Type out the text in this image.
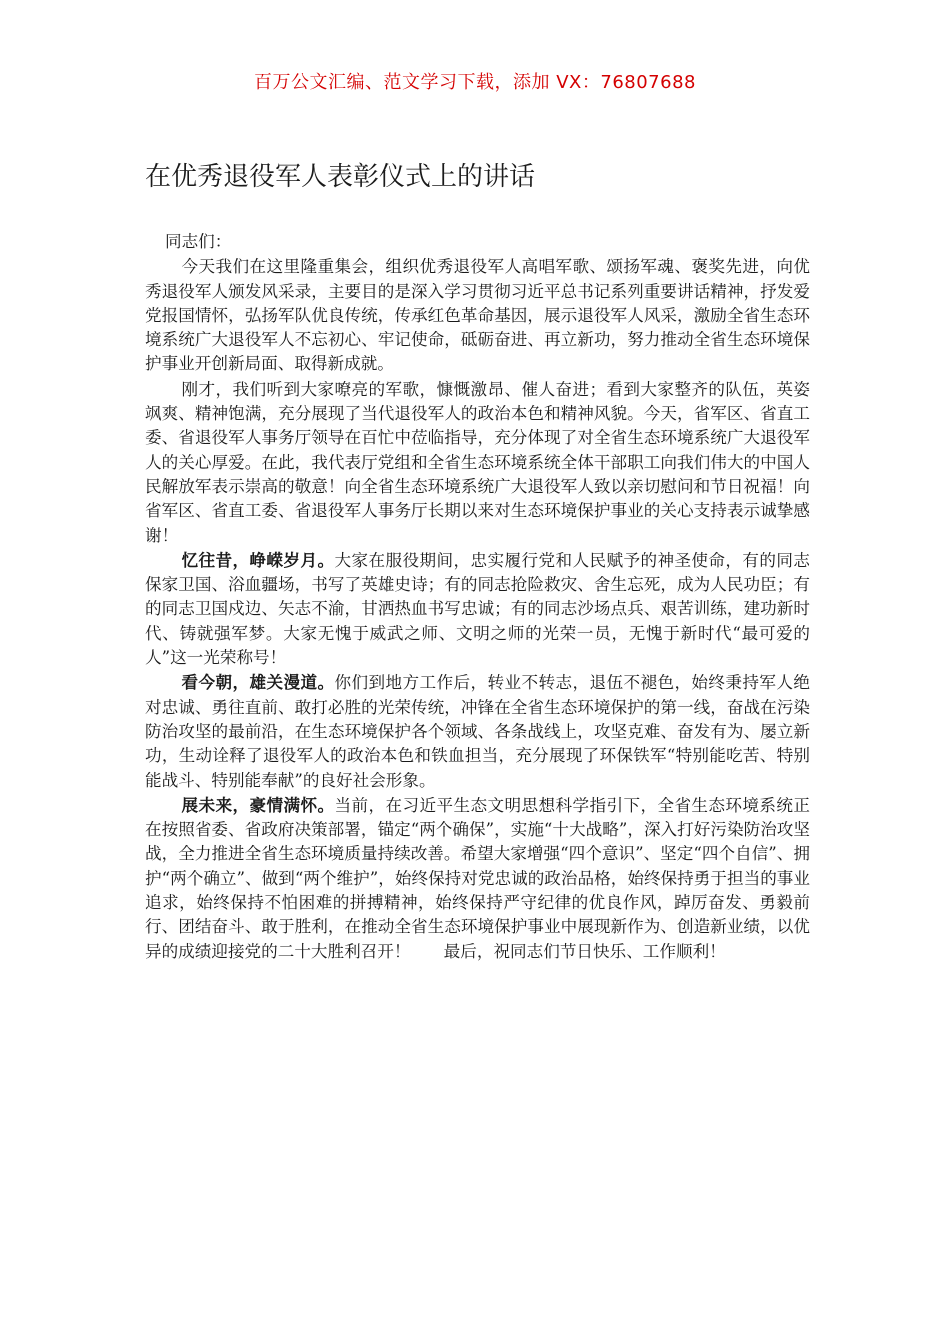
百万公文汇编、范文学习下载，添加 VX：76807688
在优秀退役军人表彰仪式上的讲话

同志们：

今天我们在这里隆重集会，组织优秀退役军人高唱军歌、颂扬军魂、褒奖先进，向优秀退役军人颁发风采录，主要目的是深入学习贯彻习近平总书记系列重要讲话精神，抒发爱党报国情怀，弘扬军队优良传统，传承红色革命基因，展示退役军人风采，激励全省生态环境系统广大退役军人不忘初心、牢记使命，砥砺奋进、再立新功，努力推动全省生态环境保护事业开创新局面、取得新成就。

刚才，我们听到大家嘹亮的军歌，慷慨激昂、催人奋进；看到大家整齐的队伍，英姿飒爽、精神饱满，充分展现了当代退役军人的政治本色和精神风貌。今天，省军区、省直工委、省退役军人事务厅领导在百忙中莅临指导，充分体现了对全省生态环境系统广大退役军人的关心厚爱。在此，我代表厅党组和全省生态环境系统全体干部职工向我们伟大的中国人民解放军表示崇高的敬意！向全省生态环境系统广大退役军人致以亲切慰问和节日祝福！向省军区、省直工委、省退役军人事务厅长期以来对生态环境保护事业的关心支持表示诚挚感谢！

忆往昔，峥嵘岁月。大家在服役期间，忠实履行党和人民赋予的神圣使命，有的同志保家卫国、浴血疆场，书写了英雄史诗；有的同志抢险救灾、舍生忘死，成为人民功臣；有的同志卫国戍边、矢志不渝，甘洒热血书写忠诚；有的同志沙场点兵、艰苦训练，建功新时代、铸就强军梦。大家无愧于威武之师、文明之师的光荣一员，无愧于新时代“最可爱的人”这一光荣称号！

看今朝，雄关漫道。你们到地方工作后，转业不转志，退伍不褪色，始终秉持军人绝对忠诚、勇往直前、敢打必胜的光荣传统，冲锋在全省生态环境保护的第一线，奋战在污染防治攻坚的最前沿，在生态环境保护各个领域、各条战线上，攻坚克难、奋发有为、屡立新功，生动诠释了退役军人的政治本色和铁血担当，充分展现了环保铁军“特别能吃苦、特别能战斗、特别能奉献”的良好社会形象。

展未来，豪情满怀。当前，在习近平生态文明思想科学指引下，全省生态环境系统正在按照省委、省政府决策部署，锚定“两个确保”，实施“十大战略”，深入打好污染防治攻坚战，全力推进全省生态环境质量持续改善。希望大家增强“四个意识”、坚定“四个自信”、拥护“两个确立”、做到“两个维护”，始终保持对党忠诚的政治品格，始终保持勇于担当的事业追求，始终保持不怕困难的拼搏精神，始终保持严守纪律的优良作风，踔厉奋发、勇毅前行、团结奋斗、敢于胜利，在推动全省生态环境保护事业中展现新作为、创造新业绩，以优异的成绩迎接党的二十大胜利召开！　　最后，祝同志们节日快乐、工作顺利！
